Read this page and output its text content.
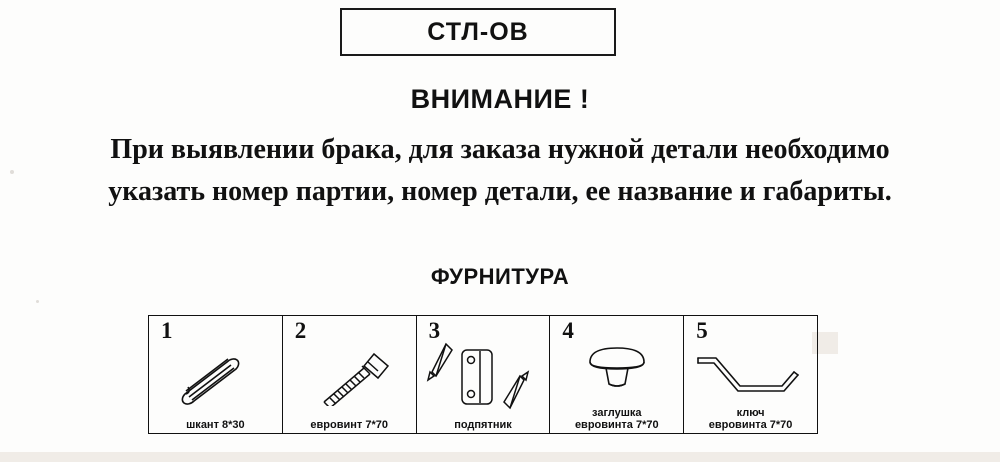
СТЛ-ОВ
ВНИМАНИЕ !
При выявлении брака, для заказа нужной детали необходимо
указать номер партии, номер детали, ее название и габариты.
ФУРНИТУРА
1
шкант 8*30
2
евровинт 7*70
3
подпятник
4
заглушка
евровинта 7*70
5
ключ
евровинта 7*70
